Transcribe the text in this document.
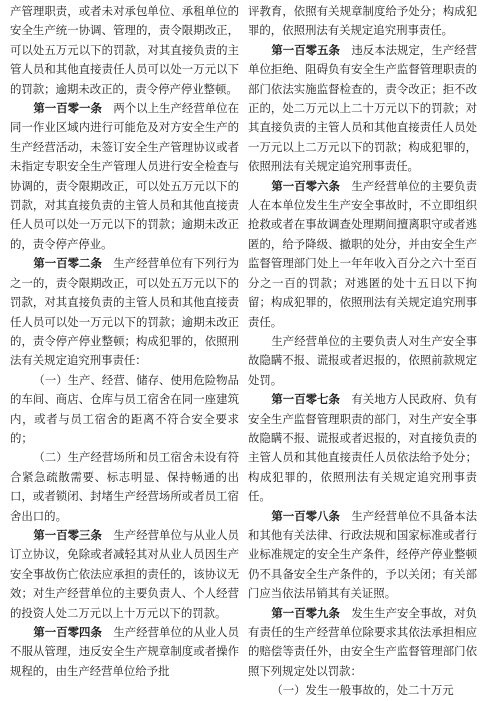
产管理职责，或者未对承包单位、承租单位的安全生产统一协调、管理的，责令限期改正，可以处五万元以下的罚款，对其直接负责的主管人员和其他直接责任人员可以处一万元以下的罚款；逾期未改正的，责令停产停业整顿。

第一百零一条　两个以上生产经营单位在同一作业区域内进行可能危及对方安全生产的生产经营活动，未签订安全生产管理协议或者未指定专职安全生产管理人员进行安全检查与协调的，责令限期改正，可以处五万元以下的罚款，对其直接负责的主管人员和其他直接责任人员可以处一万元以下的罚款；逾期未改正的，责令停产停业。

第一百零二条　生产经营单位有下列行为之一的，责令限期改正，可以处五万元以下的罚款，对其直接负责的主管人员和其他直接责任人员可以处一万元以下的罚款；逾期未改正的，责令停产停业整顿；构成犯罪的，依照刑法有关规定追究刑事责任：

（一）生产、经营、储存、使用危险物品的车间、商店、仓库与员工宿舍在同一座建筑内，或者与员工宿舍的距离不符合安全要求的；

（二）生产经营场所和员工宿舍未设有符合紧急疏散需要、标志明显、保持畅通的出口，或者锁闭、封堵生产经营场所或者员工宿舍出口的。

第一百零三条　生产经营单位与从业人员订立协议，免除或者减轻其对从业人员因生产安全事故伤亡依法应承担的责任的，该协议无效；对生产经营单位的主要负责人、个人经营的投资人处二万元以上十万元以下的罚款。

第一百零四条　生产经营单位的从业人员不服从管理，违反安全生产规章制度或者操作规程的，由生产经营单位给予批

评教育，依照有关规章制度给予处分；构成犯罪的，依照刑法有关规定追究刑事责任。

第一百零五条　违反本法规定，生产经营单位拒绝、阻碍负有安全生产监督管理职责的部门依法实施监督检查的，责令改正；拒不改正的，处二万元以上二十万元以下的罚款；对其直接负责的主管人员和其他直接责任人员处一万元以上二万元以下的罚款；构成犯罪的，依照刑法有关规定追究刑事责任。

第一百零六条　生产经营单位的主要负责人在本单位发生生产安全事故时，不立即组织抢救或者在事故调查处理期间擅离职守或者逃匿的，给予降级、撤职的处分，并由安全生产监督管理部门处上一年年收入百分之六十至百分之一百的罚款；对逃匿的处十五日以下拘留；构成犯罪的，依照刑法有关规定追究刑事责任。

生产经营单位的主要负责人对生产安全事故隐瞒不报、谎报或者迟报的，依照前款规定处罚。

第一百零七条　有关地方人民政府、负有安全生产监督管理职责的部门，对生产安全事故隐瞒不报、谎报或者迟报的，对直接负责的主管人员和其他直接责任人员依法给予处分；构成犯罪的，依照刑法有关规定追究刑事责任。

第一百零八条　生产经营单位不具备本法和其他有关法律、行政法规和国家标准或者行业标准规定的安全生产条件，经停产停业整顿仍不具备安全生产条件的，予以关闭；有关部门应当依法吊销其有关证照。

第一百零九条　发生生产安全事故，对负有责任的生产经营单位除要求其依法承担相应的赔偿等责任外，由安全生产监督管理部门依照下列规定处以罚款：

（一）发生一般事故的，处二十万元
